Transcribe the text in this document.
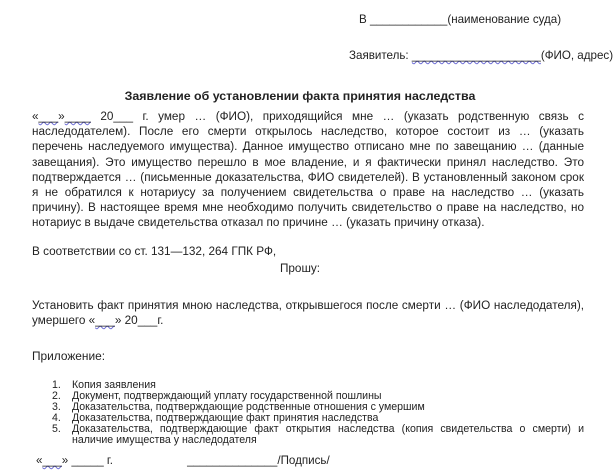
В ____________(наименование суда)
Заявитель: ____________________(ФИО, адрес)
Заявление об установлении факта принятия наследства

«___»____ 20___ г. умер … (ФИО), приходящийся мне … (указать родственную связь с наследодателем). После его смерти открылось наследство, которое состоит из … (указать перечень наследуемого имущества). Данное имущество отписано мне по завещанию … (данные завещания). Это имущество перешло в мое владение, и я фактически принял наследство. Это подтверждается … (письменные доказательства, ФИО свидетелей). В установленный законом срок я не обратился к нотариусу за получением свидетельства о праве на наследство … (указать причину). В настоящее время мне необходимо получить свидетельство о праве на наследство, но нотариус в выдаче свидетельства отказал по причине … (указать причину отказа).

В соответствии со ст. 131—132, 264 ГПК РФ,
Прошу:

Установить факт принятия мною наследства, открывшегося после смерти … (ФИО наследодателя), умершего «___» 20___г.

Приложение:
1.	Копия заявления
2.	Документ, подтверждающий уплату государственной пошлины
3.	Доказательства, подтверждающие родственные отношения с умершим
4.	Доказательства, подтверждающие факт принятия наследства
5.	Доказательства, подтверждающие факт открытия наследства (копия свидетельства о смерти) и наличие имущества у наследодателя
«___» _____ г.	______________/Подпись/
